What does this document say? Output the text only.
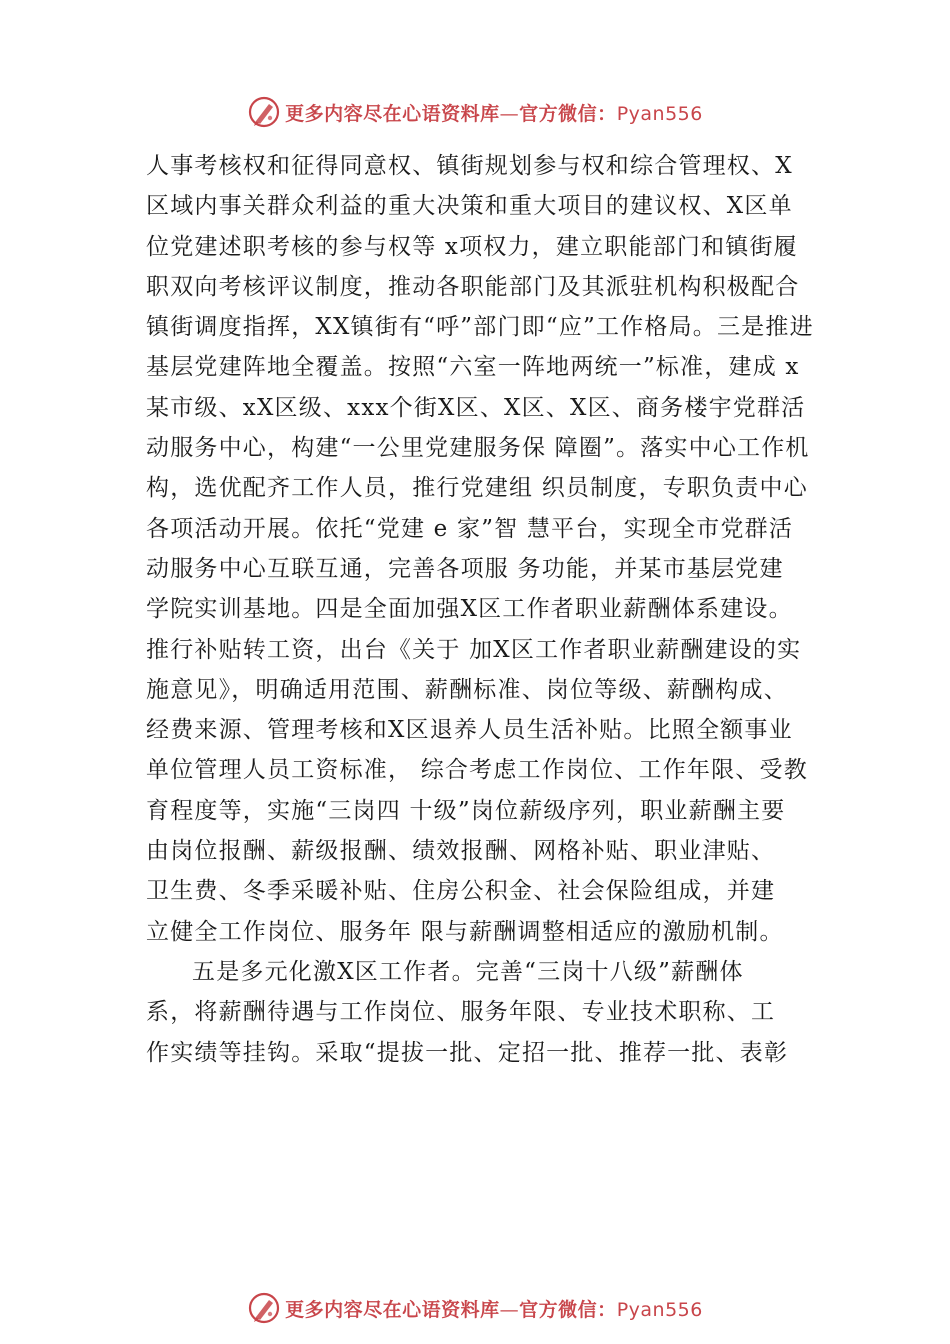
更多内容尽在心语资料库—官方微信：Pyan556
人事考核权和征得同意权、镇街规划参与权和综合管理权、X
区域内事关群众利益的重大决策和重大项目的建议权、X区单
位党建述职考核的参与权等 x项权力，建立职能部门和镇街履
职双向考核评议制度，推动各职能部门及其派驻机构积极配合
镇街调度指挥，XX镇街有“呼”部门即“应”工作格局。三是推进
基层党建阵地全覆盖。按照“六室一阵地两统一”标准，建成 x
某市级、xX区级、xxx个街X区、X区、X区、商务楼宇党群活
动服务中心，构建“一公里党建服务保 障圈”。落实中心工作机
构，选优配齐工作人员，推行党建组 织员制度，专职负责中心
各项活动开展。依托“党建 e 家”智 慧平台，实现全市党群活
动服务中心互联互通，完善各项服 务功能，并某市基层党建
学院实训基地。四是全面加强X区工作者职业薪酬体系建设。
推行补贴转工资，出台《关于 加X区工作者职业薪酬建设的实
施意见》，明确适用范围、薪酬标准、岗位等级、薪酬构成、
经费来源、管理考核和X区退养人员生活补贴。比照全额事业
单位管理人员工资标准， 综合考虑工作岗位、工作年限、受教
育程度等，实施“三岗四 十级”岗位薪级序列，职业薪酬主要
由岗位报酬、薪级报酬、绩效报酬、网格补贴、职业津贴、
卫生费、冬季采暖补贴、住房公积金、社会保险组成，并建
立健全工作岗位、服务年 限与薪酬调整相适应的激励机制。
五是多元化激X区工作者。完善“三岗十八级”薪酬体
系，将薪酬待遇与工作岗位、服务年限、专业技术职称、工
作实绩等挂钩。采取“提拔一批、定招一批、推荐一批、表彰
更多内容尽在心语资料库—官方微信：Pyan556
